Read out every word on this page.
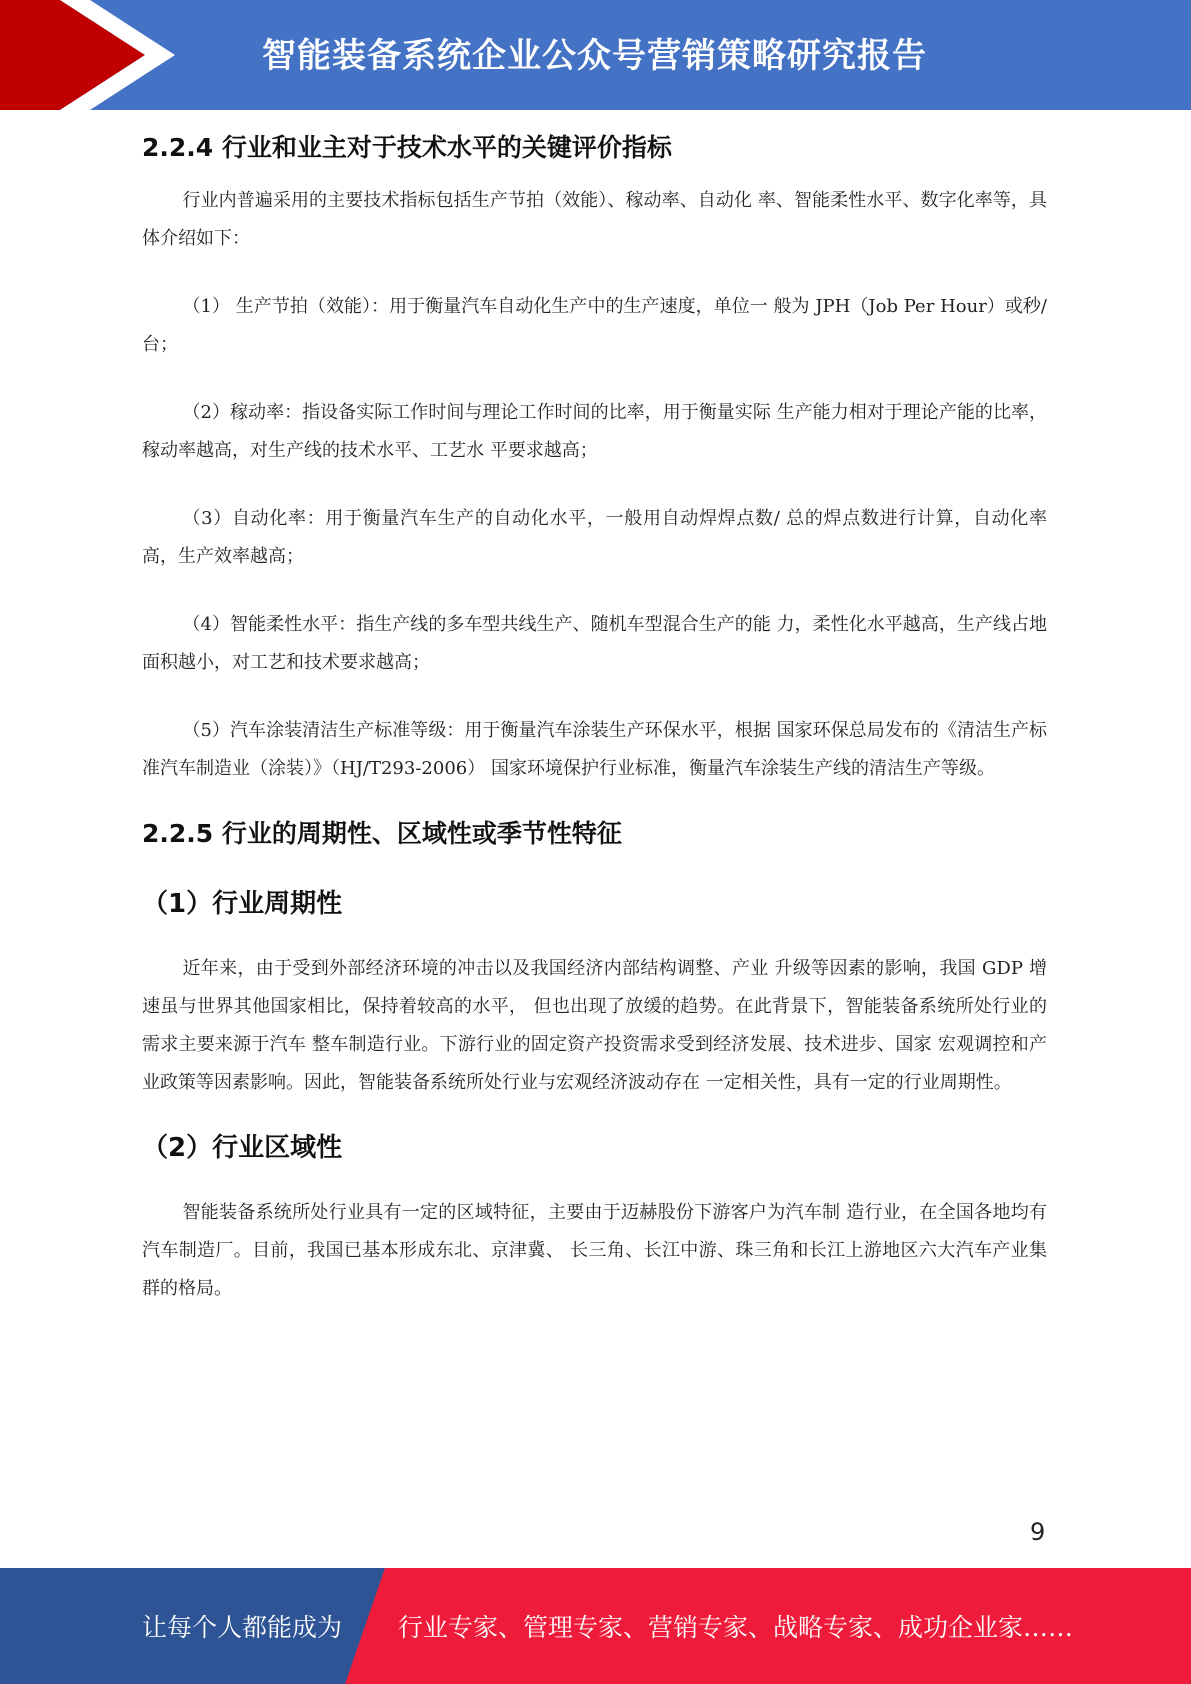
智能装备系统企业公众号营销策略研究报告
2.2.4 行业和业主对于技术水平的关键评价指标

行业内普遍采用的主要技术指标包括生产节拍（效能）、稼动率、自动化 率、智能柔性水平、数字化率等，具体介绍如下：

（1） 生产节拍（效能）：用于衡量汽车自动化生产中的生产速度，单位一 般为 JPH（Job Per Hour）或秒/台；

（2）稼动率：指设备实际工作时间与理论工作时间的比率，用于衡量实际 生产能力相对于理论产能的比率，稼动率越高，对生产线的技术水平、工艺水 平要求越高；

（3）自动化率：用于衡量汽车生产的自动化水平，一般用自动焊焊点数/ 总的焊点数进行计算，自动化率高，生产效率越高；

（4）智能柔性水平：指生产线的多车型共线生产、随机车型混合生产的能 力，柔性化水平越高，生产线占地面积越小，对工艺和技术要求越高；

（5）汽车涂装清洁生产标准等级：用于衡量汽车涂装生产环保水平，根据 国家环保总局发布的《清洁生产标准汽车制造业（涂装）》（HJ/T293-2006） 国家环境保护行业标准，衡量汽车涂装生产线的清洁生产等级。

2.2.5 行业的周期性、区域性或季节性特征
（1）行业周期性

近年来，由于受到外部经济环境的冲击以及我国经济内部结构调整、产业 升级等因素的影响，我国 GDP 增速虽与世界其他国家相比，保持着较高的水平， 但也出现了放缓的趋势。在此背景下，智能装备系统所处行业的需求主要来源于汽车 整车制造行业。下游行业的固定资产投资需求受到经济发展、技术进步、国家 宏观调控和产业政策等因素影响。因此，智能装备系统所处行业与宏观经济波动存在 一定相关性，具有一定的行业周期性。

（2）行业区域性

智能装备系统所处行业具有一定的区域特征，主要由于迈赫股份下游客户为汽车制 造行业，在全国各地均有汽车制造厂。目前，我国已基本形成东北、京津冀、 长三角、长江中游、珠三角和长江上游地区六大汽车产业集群的格局。

9
让每个人都能成为 行业专家、管理专家、营销专家、战略专家、成功企业家……
